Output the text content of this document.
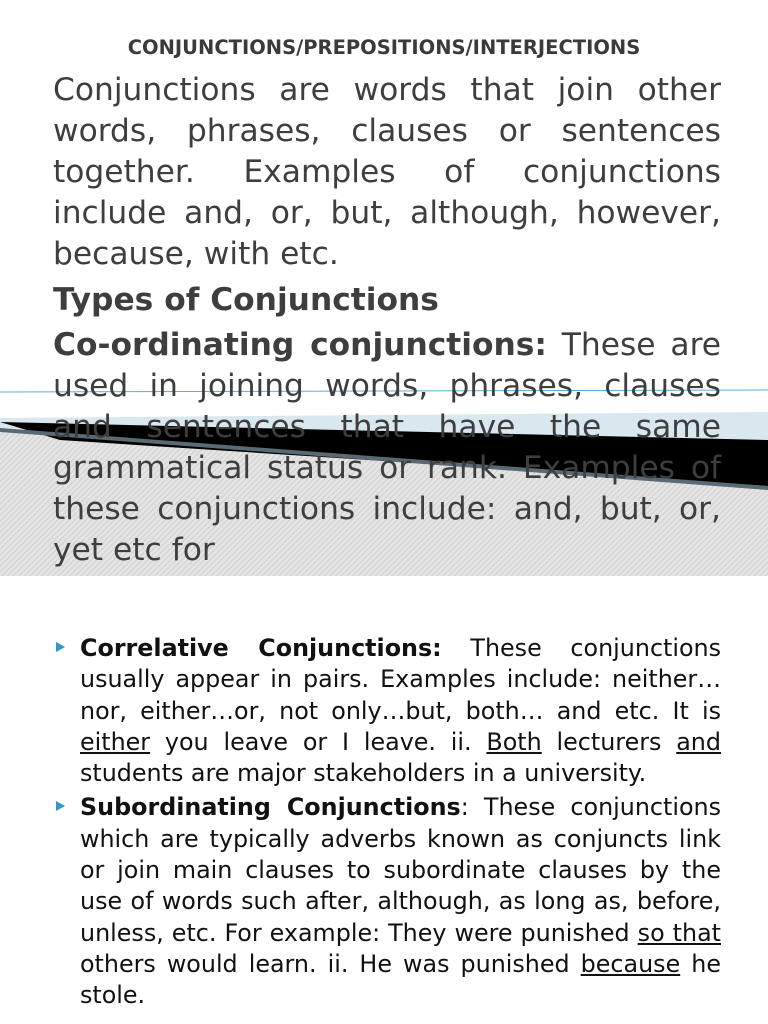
CONJUNCTIONS/PREPOSITIONS/INTERJECTIONS
Conjunctions are words that join other words, phrases, clauses or sentences together. Examples of conjunctions include and, or, but, although, however, because, with etc.
Types of Conjunctions
Co-ordinating conjunctions: These are used in joining words, phrases, clauses and sentences that have the same grammatical status or rank. Examples of these conjunctions include: and, but, or, yet etc for
Correlative Conjunctions: These conjunctions usually appear in pairs. Examples include: neither…nor, either…or, not only…but, both… and etc. It is either you leave or I leave. ii. Both lecturers and students are major stakeholders in a university.
Subordinating Conjunctions: These conjunctions which are typically adverbs known as conjuncts link or join main clauses to subordinate clauses by the use of words such after, although, as long as, before, unless, etc. For example: They were punished so that others would learn. ii. He was punished because he stole.
